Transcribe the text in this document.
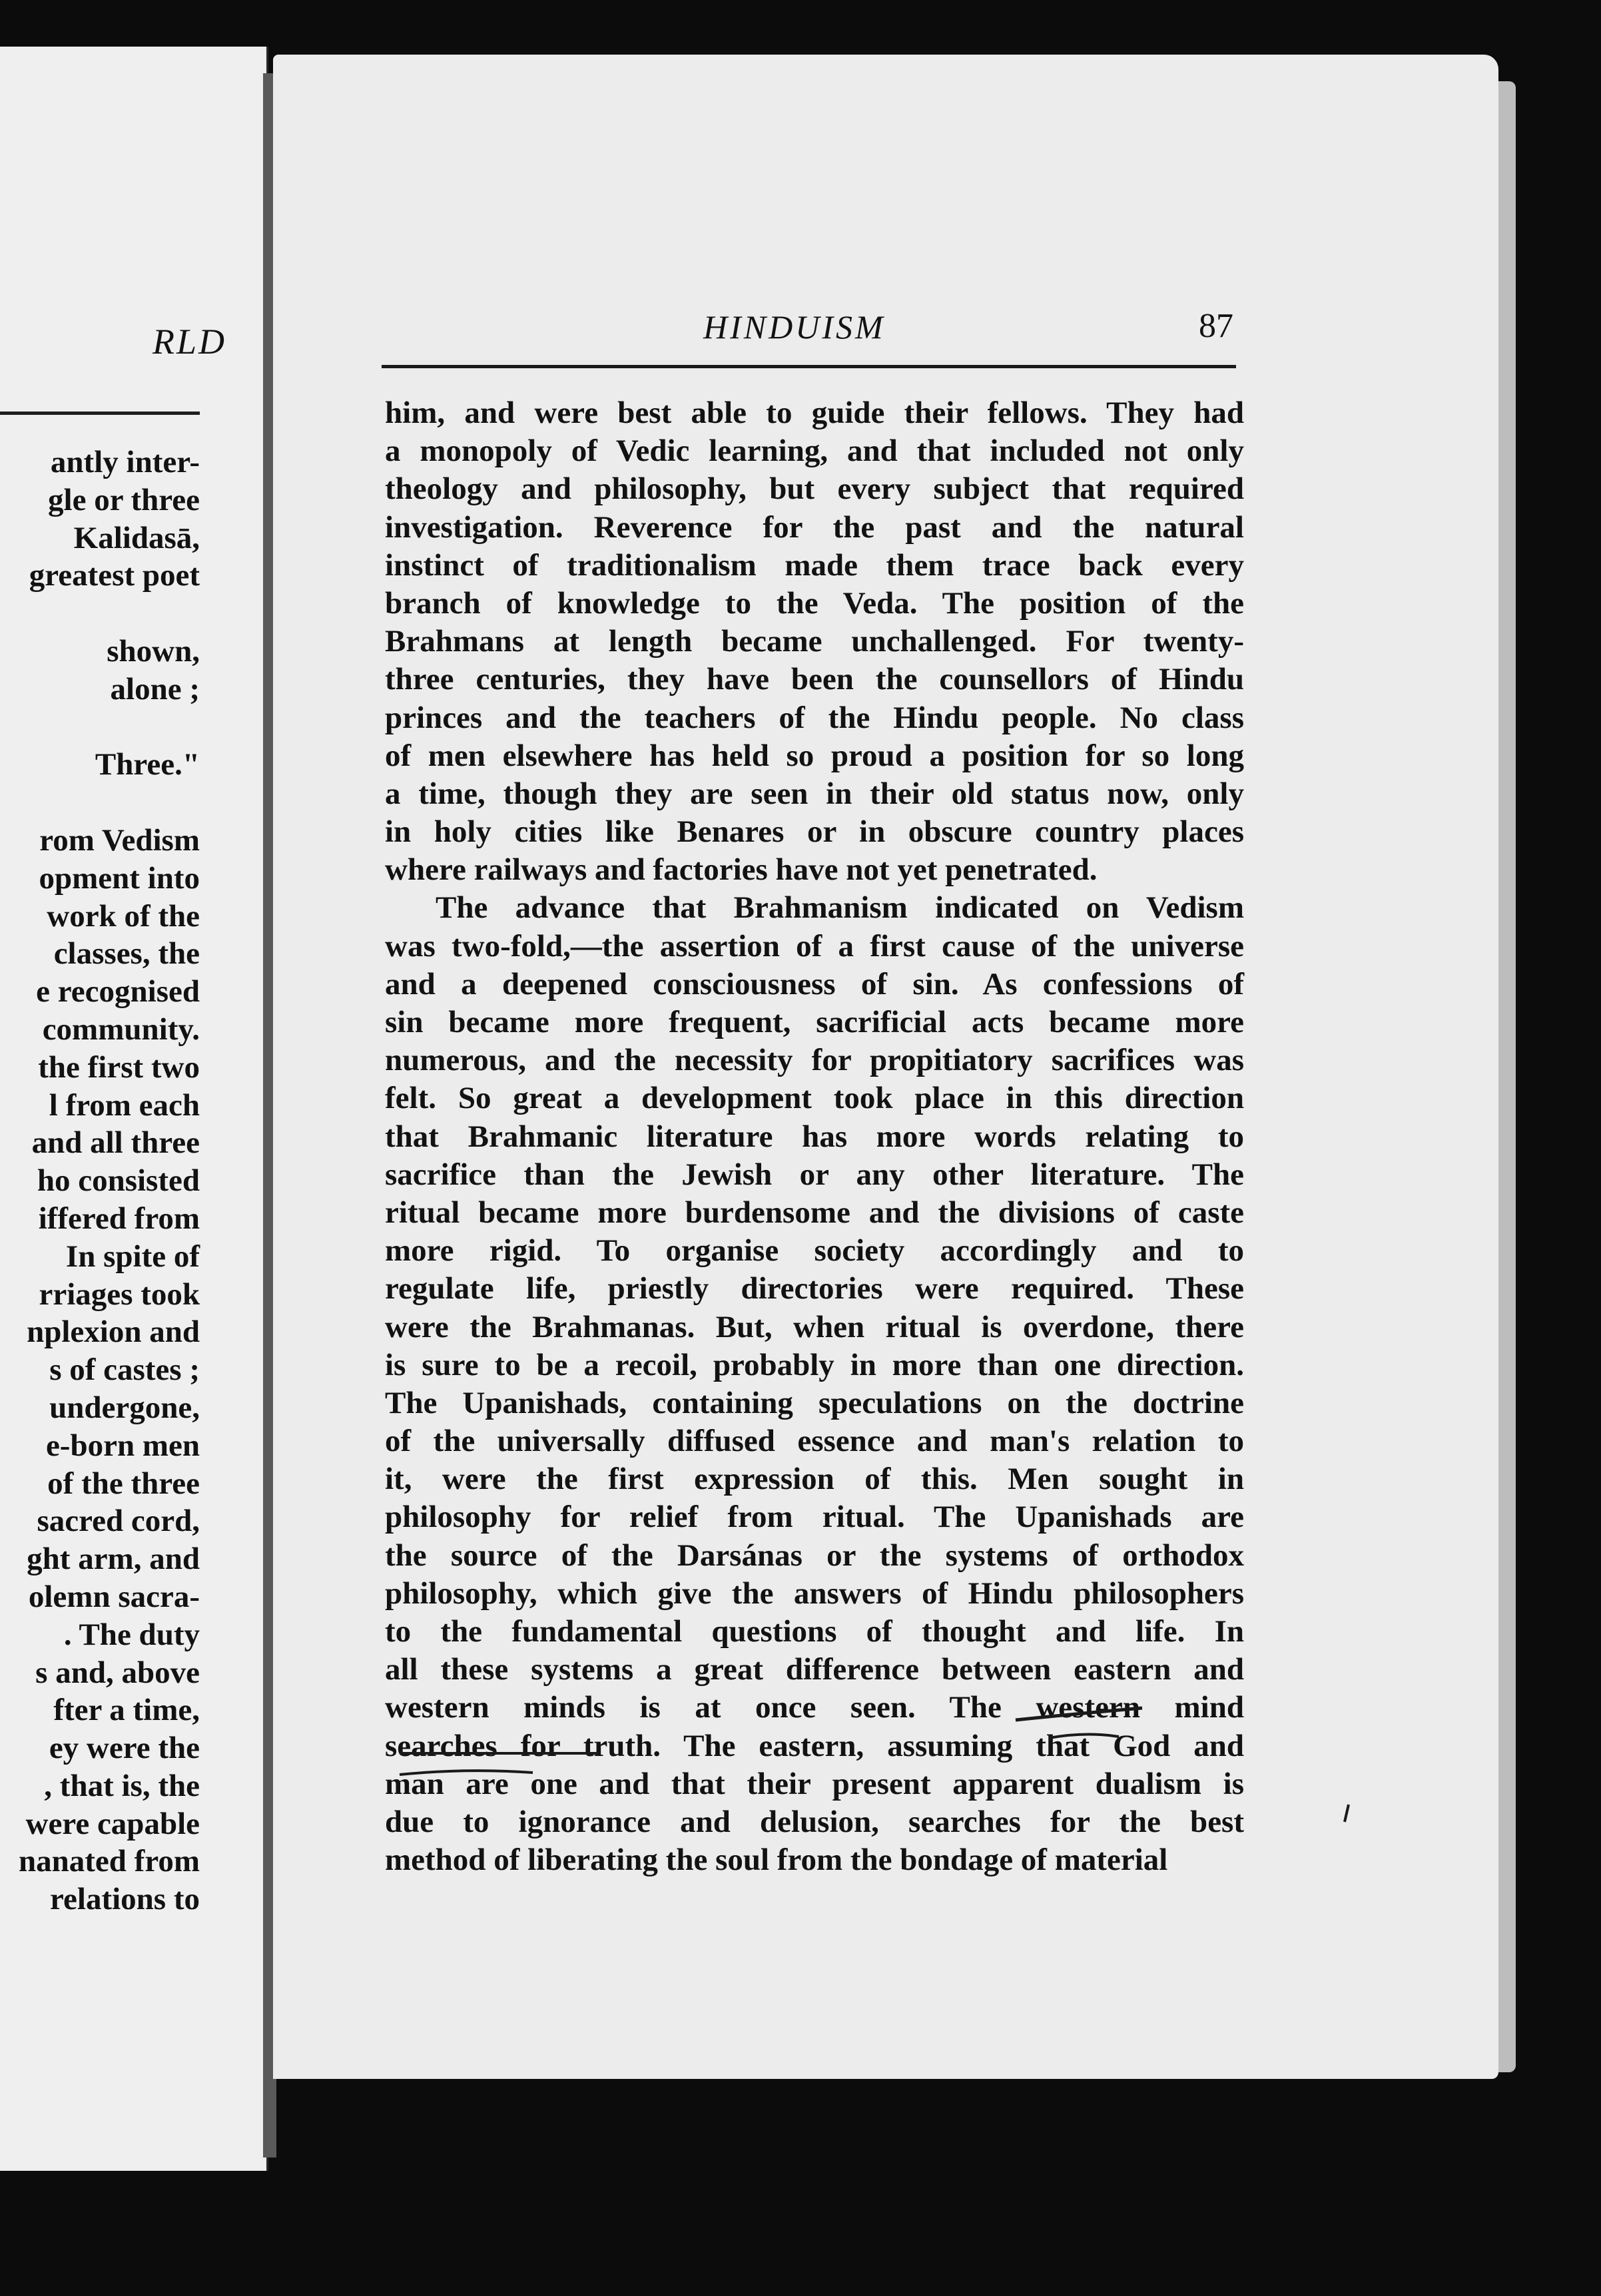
RLD
antly inter-
gle or three
Kalidasā,
greatest poet
shown,
alone ;
Three."
rom Vedism
opment into
work of the
classes, the
e recognised
community.
the first two
l from each
and all three
ho consisted
iffered from
In spite of
rriages took
nplexion and
s of castes ;
undergone,
e-born men
of the three
sacred cord,
ght arm, and
olemn sacra-
. The duty
s and, above
fter a time,
ey were the
, that is, the
were capable
nanated from
relations to
HINDUISM	87
him, and were best able to guide their fellows. They had
a monopoly of Vedic learning, and that included not only
theology and philosophy, but every subject that required
investigation. Reverence for the past and the natural
instinct of traditionalism made them trace back every
branch of knowledge to the Veda. The position of the
Brahmans at length became unchallenged. For twenty-
three centuries, they have been the counsellors of Hindu
princes and the teachers of the Hindu people. No class
of men elsewhere has held so proud a position for so long
a time, though they are seen in their old status now, only
in holy cities like Benares or in obscure country places
where railways and factories have not yet penetrated.
The advance that Brahmanism indicated on Vedism
was two-fold,—the assertion of a first cause of the universe
and a deepened consciousness of sin. As confessions of
sin became more frequent, sacrificial acts became more
numerous, and the necessity for propitiatory sacrifices was
felt. So great a development took place in this direction
that Brahmanic literature has more words relating to
sacrifice than the Jewish or any other literature. The
ritual became more burdensome and the divisions of caste
more rigid. To organise society accordingly and to
regulate life, priestly directories were required. These
were the Brahmanas. But, when ritual is overdone, there
is sure to be a recoil, probably in more than one direction.
The Upanishads, containing speculations on the doctrine
of the universally diffused essence and man's relation to
it, were the first expression of this. Men sought in
philosophy for relief from ritual. The Upanishads are
the source of the Darsánas or the systems of orthodox
philosophy, which give the answers of Hindu philosophers
to the fundamental questions of thought and life. In
all these systems a great difference between eastern and
western minds is at once seen. The western mind
searches for truth. The eastern, assuming that God and
man are one and that their present apparent dualism is
due to ignorance and delusion, searches for the best
method of liberating the soul from the bondage of material
